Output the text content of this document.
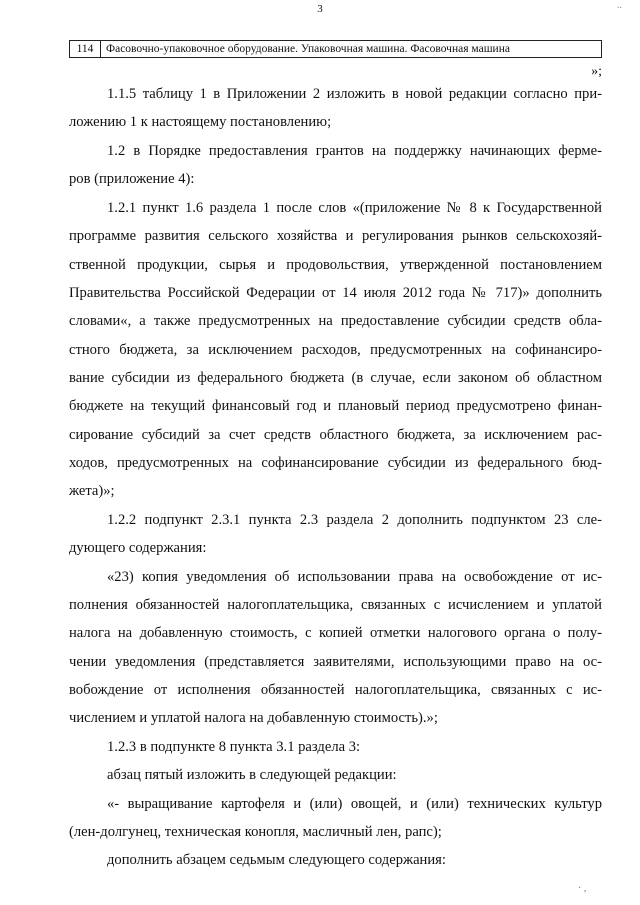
3	..
114	Фасовочно-упаковочное оборудование. Упаковочная машина. Фасовочная машина
»;
1.1.5 таблицу 1 в Приложении 2 изложить в новой редакции согласно при-
ложению 1 к настоящему постановлению;
1.2 в Порядке предоставления грантов на поддержку начинающих ферме-
ров (приложение 4):
1.2.1 пункт 1.6 раздела 1 после слов «(приложение № 8 к Государственной
программе развития сельского хозяйства и регулирования рынков сельскохозяй-
ственной продукции, сырья и продовольствия, утвержденной постановлением
Правительства Российской Федерации от 14 июля 2012 года № 717)» дополнить
словами«, а также предусмотренных на предоставление субсидии средств обла-
стного бюджета, за исключением расходов, предусмотренных на софинансиро-
вание субсидии из федерального бюджета (в случае, если законом об областном
бюджете на текущий финансовый год и плановый период предусмотрено финан-
сирование субсидий за счет средств областного бюджета, за исключением рас-
ходов, предусмотренных на софинансирование субсидии из федерального бюд-
жета)»;
1.2.2 подпункт 2.3.1 пункта 2.3 раздела 2 дополнить подпунктом 23 сле-
дующего содержания:
«23) копия уведомления об использовании права на освобождение от ис-
полнения обязанностей налогоплательщика, связанных с исчислением и уплатой
налога на добавленную стоимость, с копией отметки налогового органа о полу-
чении уведомления (представляется заявителями, использующими право на ос-
вобождение от исполнения обязанностей налогоплательщика, связанных с ис-
числением и уплатой налога на добавленную стоимость).»;
1.2.3 в подпункте 8 пункта 3.1 раздела 3:
абзац пятый изложить в следующей редакции:
«- выращивание картофеля и (или) овощей, и (или) технических культур
(лен-долгунец, техническая конопля, масличный лен, рапс);
дополнить абзацем седьмым следующего содержания:
· ,
